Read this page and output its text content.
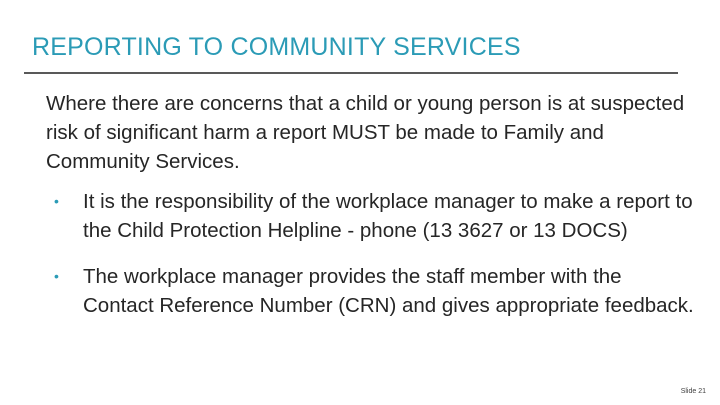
REPORTING TO COMMUNITY SERVICES
Where there are concerns that a child or young person is at suspected risk of significant harm a report MUST be made to Family and Community Services.
•	It is the responsibility of the workplace manager to make a report to the Child Protection Helpline - phone (13 3627 or 13 DOCS)
•	The workplace manager provides the staff member with the Contact Reference Number (CRN) and gives appropriate feedback.
Slide 21
